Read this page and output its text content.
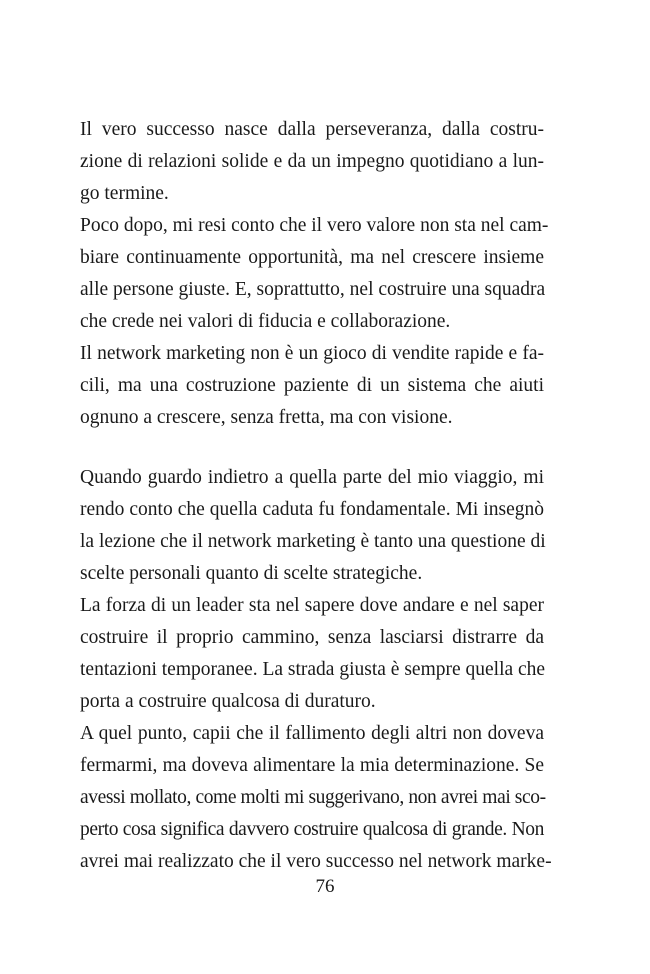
Il vero successo nasce dalla perseveranza, dalla costru-
zione di relazioni solide e da un impegno quotidiano a lun-
go termine.
Poco dopo, mi resi conto che il vero valore non sta nel cam-
biare continuamente opportunità, ma nel crescere insieme
alle persone giuste. E, soprattutto, nel costruire una squadra
che crede nei valori di fiducia e collaborazione.
Il network marketing non è un gioco di vendite rapide e fa-
cili, ma una costruzione paziente di un sistema che aiuti
ognuno a crescere, senza fretta, ma con visione.
Quando guardo indietro a quella parte del mio viaggio, mi
rendo conto che quella caduta fu fondamentale. Mi insegnò
la lezione che il network marketing è tanto una questione di
scelte personali quanto di scelte strategiche.
La forza di un leader sta nel sapere dove andare e nel saper
costruire il proprio cammino, senza lasciarsi distrarre da
tentazioni temporanee. La strada giusta è sempre quella che
porta a costruire qualcosa di duraturo.
A quel punto, capii che il fallimento degli altri non doveva
fermarmi, ma doveva alimentare la mia determinazione. Se
avessi mollato, come molti mi suggerivano, non avrei mai sco-
perto cosa significa davvero costruire qualcosa di grande. Non
avrei mai realizzato che il vero successo nel network marke-
76
